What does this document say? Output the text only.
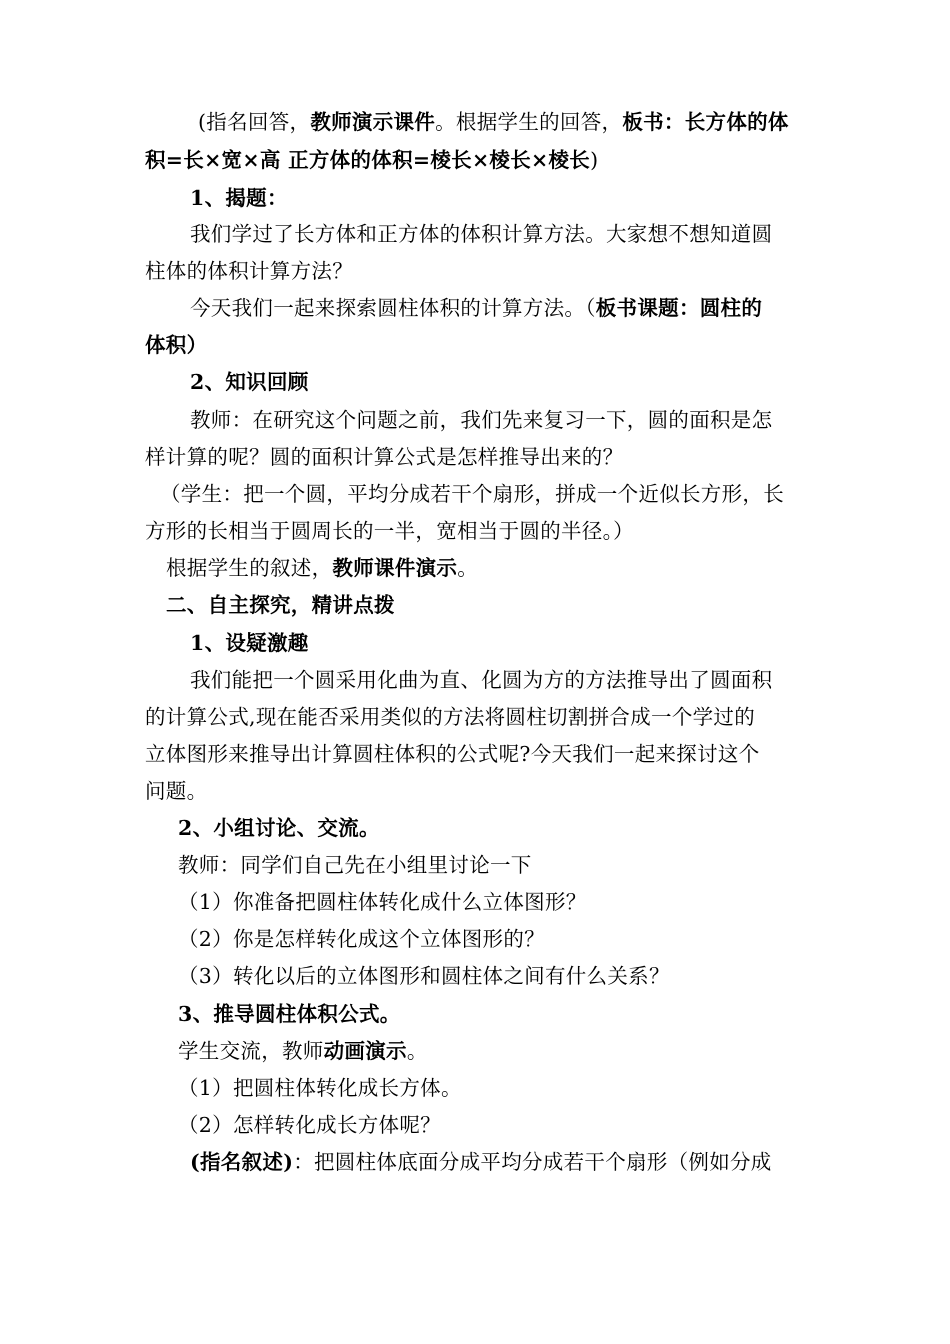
(指名回答，教师演示课件。根据学生的回答，板书：长方体的体
积=长×宽×高 正方体的体积=棱长×棱长×棱长)
1、揭题：
我们学过了长方体和正方体的体积计算方法。大家想不想知道圆
柱体的体积计算方法？
今天我们一起来探索圆柱体积的计算方法。（板书课题：圆柱的
体积）
2、知识回顾
教师：在研究这个问题之前，我们先来复习一下，圆的面积是怎
样计算的呢？圆的面积计算公式是怎样推导出来的？
（学生：把一个圆，平均分成若干个扇形，拼成一个近似长方形，长
方形的长相当于圆周长的一半，宽相当于圆的半径。）
根据学生的叙述，教师课件演示。
二、自主探究，精讲点拨
1、设疑激趣
我们能把一个圆采用化曲为直、化圆为方的方法推导出了圆面积
的计算公式,现在能否采用类似的方法将圆柱切割拼合成一个学过的
立体图形来推导出计算圆柱体积的公式呢?今天我们一起来探讨这个
问题。
2、小组讨论、交流。
教师：同学们自己先在小组里讨论一下
（1）你准备把圆柱体转化成什么立体图形？
（2）你是怎样转化成这个立体图形的？
（3）转化以后的立体图形和圆柱体之间有什么关系？
3、推导圆柱体积公式。
学生交流，教师动画演示。
（1）把圆柱体转化成长方体。
（2）怎样转化成长方体呢？
(指名叙述)：把圆柱体底面分成平均分成若干个扇形（例如分成
